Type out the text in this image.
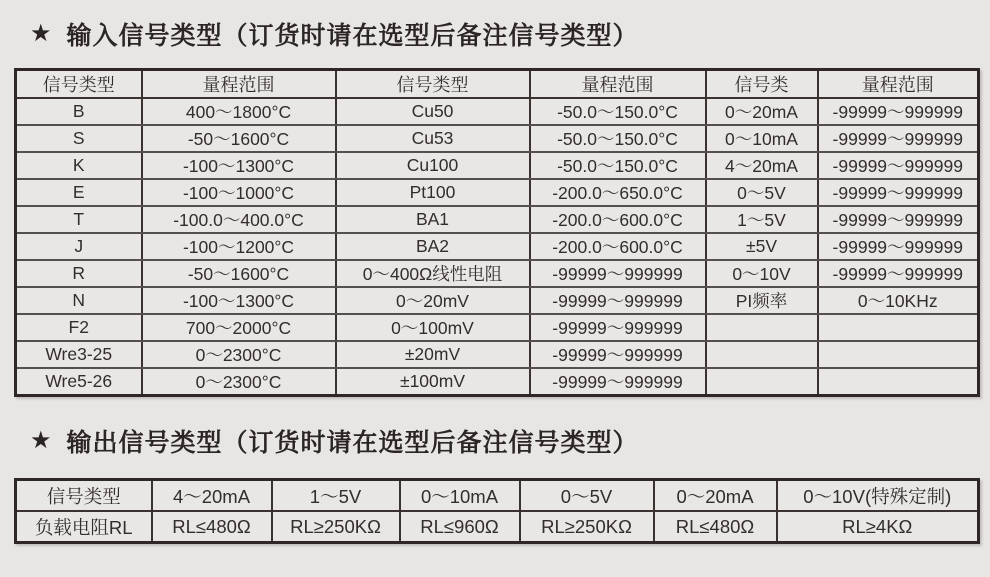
★ 输入信号类型（订货时请在选型后备注信号类型）
信号类型	量程范围	信号类型	量程范围	信号类	量程范围
B	400～1800°C	Cu50	-50.0～150.0°C	0～20mA	-99999～999999
S	-50～1600°C	Cu53	-50.0～150.0°C	0～10mA	-99999～999999
K	-100～1300°C	Cu100	-50.0～150.0°C	4～20mA	-99999～999999
E	-100～1000°C	Pt100	-200.0～650.0°C	0～5V	-99999～999999
T	-100.0～400.0°C	BA1	-200.0～600.0°C	1～5V	-99999～999999
J	-100～1200°C	BA2	-200.0～600.0°C	±5V	-99999～999999
R	-50～1600°C	0～400Ω线性电阻	-99999～999999	0～10V	-99999～999999
N	-100～1300°C	0～20mV	-99999～999999	PI频率	0～10KHz
F2	700～2000°C	0～100mV	-99999～999999		
Wre3-25	0～2300°C	±20mV	-99999～999999		
Wre5-26	0～2300°C	±100mV	-99999～999999		
★ 输出信号类型（订货时请在选型后备注信号类型）
信号类型	4～20mA	1～5V	0～10mA	0～5V	0～20mA	0～10V(特殊定制)
负载电阻RL	RL≤480Ω	RL≥250KΩ	RL≤960Ω	RL≥250KΩ	RL≤480Ω	RL≥4KΩ
